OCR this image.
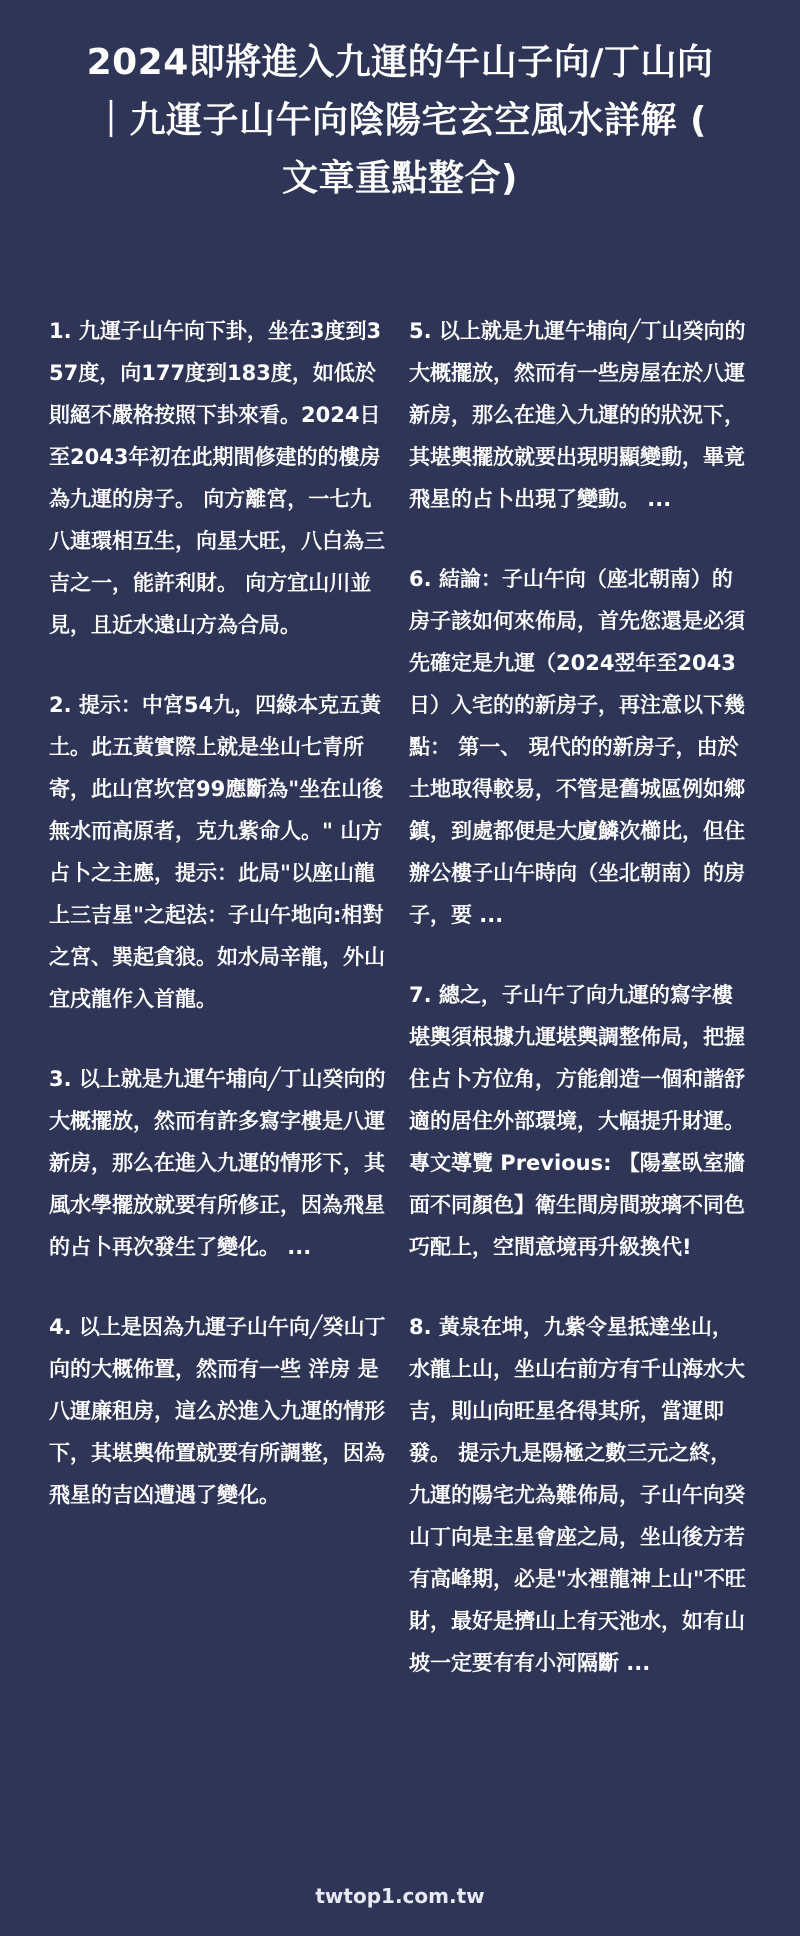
2024即將進入九運的午山子向/丁山向
｜九運子山午向陰陽宅玄空風水詳解 (
文章重點整合)

1. 九運子山午向下卦，坐在3度到357度，向177度到183度，如低於則絕不嚴格按照下卦來看。2024日至2043年初在此期間修建的的樓房為九運的房子。 向方離宮，一七九八連環相互生，向星大旺，八白為三吉之一，能許利財。 向方宜山川並見，且近水遠山方為合局。

2. 提示：中宮54九，四綠本克五黃土。此五黃實際上就是坐山七青所寄，此山宮坎宮99應斷為"坐在山後無水而高原者，克九紫命人。" 山方占卜之主應，提示：此局"以座山龍上三吉星"之起法：子山午地向:相對之宮、巽起貪狼。如水局辛龍，外山宜戌龍作入首龍。

3. 以上就是九運午埔向╱丁山癸向的大概擺放，然而有許多寫字樓是八運新房，那么在進入九運的情形下，其風水學擺放就要有所修正，因為飛星的占卜再次發生了變化。 ...

4. 以上是因為九運子山午向╱癸山丁向的大概佈置，然而有一些 洋房 是八運廉租房，這么於進入九運的情形下，其堪輿佈置就要有所調整，因為飛星的吉凶遭遇了變化。

5. 以上就是九運午埔向╱丁山癸向的大概擺放，然而有一些房屋在於八運新房，那么在進入九運的的狀況下，其堪輿擺放就要出現明顯變動，畢竟飛星的占卜出現了變動。 ...

6. 結論：子山午向（座北朝南）的房子該如何來佈局，首先您還是必須先確定是九運（2024翌年至2043日）入宅的的新房子，再注意以下幾點： 第一、 現代的的新房子，由於土地取得較易，不管是舊城區例如鄉鎮，到處都便是大廈鱗次櫛比，但住辦公樓子山午時向（坐北朝南）的房子，要 ...

7. 總之，子山午了向九運的寫字樓堪輿須根據九運堪輿調整佈局，把握住占卜方位角，方能創造一個和諧舒適的居住外部環境，大幅提升財運。 專文導覽 Previous: 【陽臺臥室牆面不同顏色】衛生間房間玻璃不同色巧配上，空間意境再升級換代!

8. 黃泉在坤，九紫令星抵達坐山，水龍上山，坐山右前方有千山海水大吉，則山向旺星各得其所，當運即發。 提示九是陽極之數三元之終，九運的陽宅尤為難佈局，子山午向癸山丁向是主星會座之局，坐山後方若有高峰期，必是"水裡龍神上山"不旺財，最好是擠山上有天池水，如有山坡一定要有有小河隔斷 ...

twtop1.com.tw
